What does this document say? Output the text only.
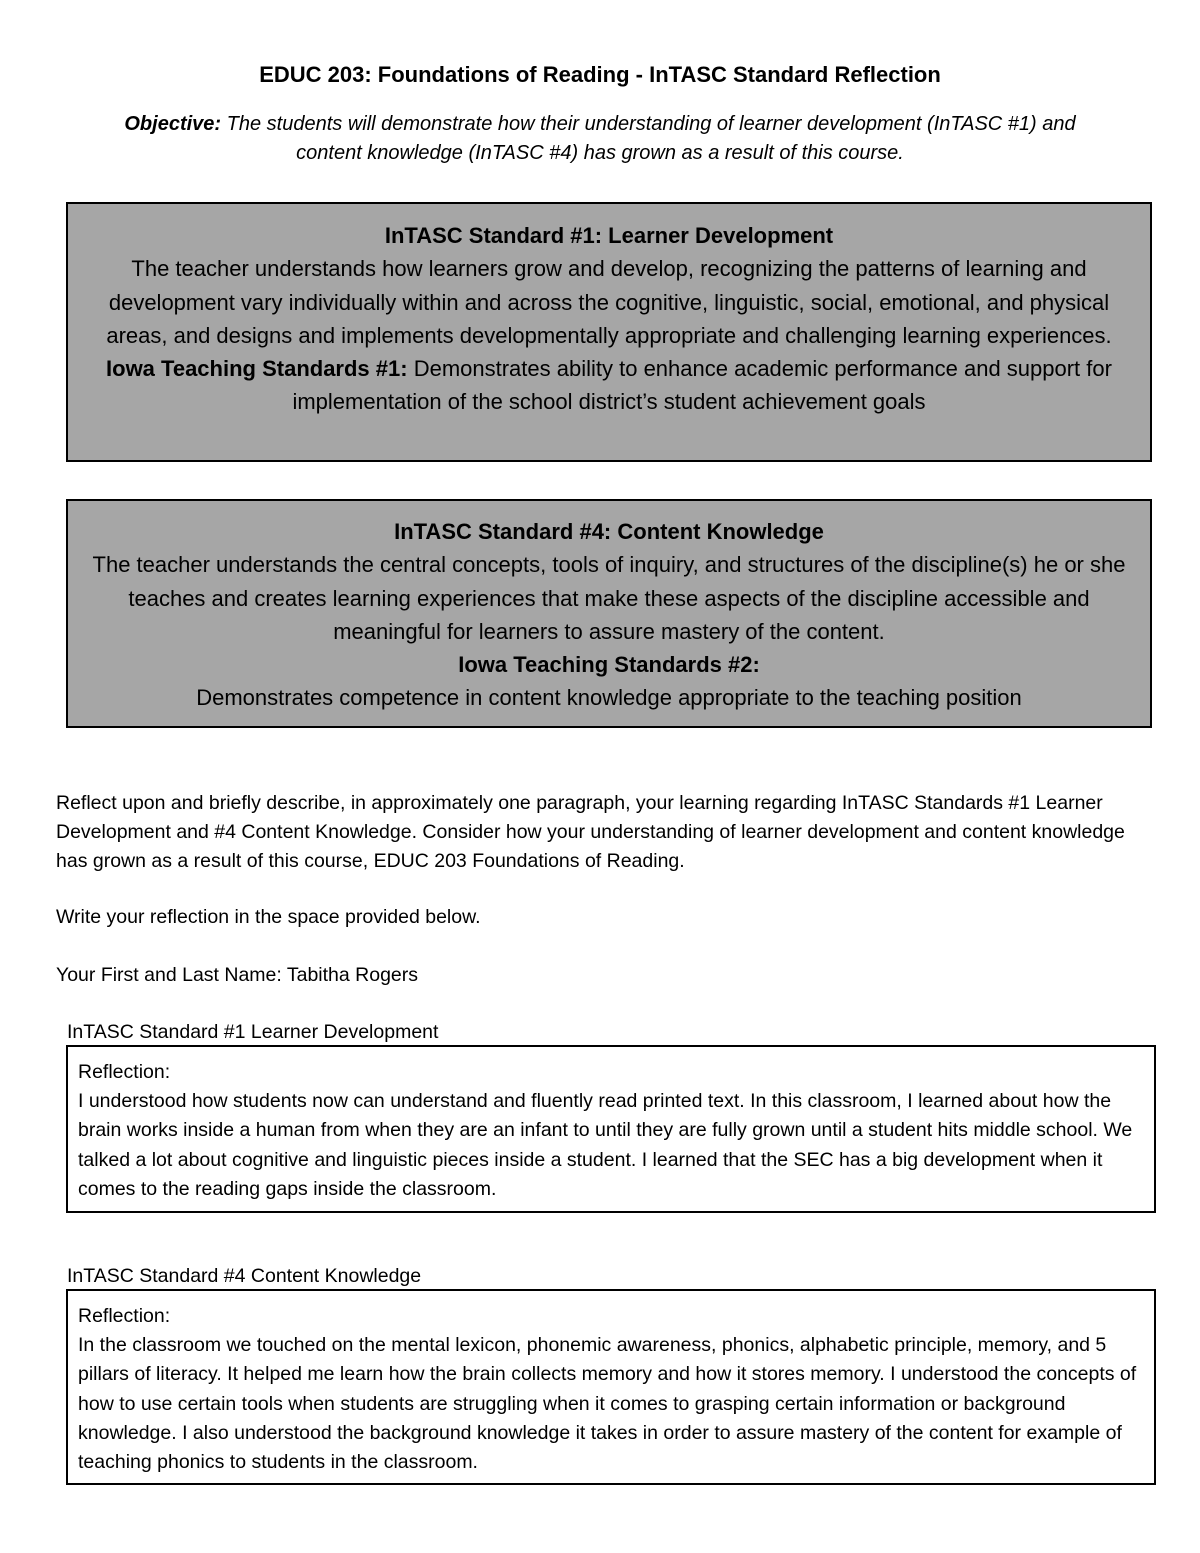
EDUC 203: Foundations of Reading - InTASC Standard Reflection
Objective: The students will demonstrate how their understanding of learner development (InTASC #1) and content knowledge (InTASC #4) has grown as a result of this course.

InTASC Standard #1: Learner Development

The teacher understands how learners grow and develop, recognizing the patterns of learning and development vary individually within and across the cognitive, linguistic, social, emotional, and physical areas, and designs and implements developmentally appropriate and challenging learning experiences.

Iowa Teaching Standards #1: Demonstrates ability to enhance academic performance and support for implementation of the school district’s student achievement goals

InTASC Standard #4: Content Knowledge

The teacher understands the central concepts, tools of inquiry, and structures of the discipline(s) he or she teaches and creates learning experiences that make these aspects of the discipline accessible and meaningful for learners to assure mastery of the content.

Iowa Teaching Standards #2:

Demonstrates competence in content knowledge appropriate to the teaching position

Reflect upon and briefly describe, in approximately one paragraph, your learning regarding InTASC Standards #1 Learner Development and #4 Content Knowledge. Consider how your understanding of learner development and content knowledge has grown as a result of this course, EDUC 203 Foundations of Reading.
Write your reflection in the space provided below.
Your First and Last Name: Tabitha Rogers
InTASC Standard #1 Learner Development

Reflection:

I understood how students now can understand and fluently read printed text. In this classroom, I learned about how the brain works inside a human from when they are an infant to until they are fully grown until a student hits middle school. We talked a lot about cognitive and linguistic pieces inside a student. I learned that the SEC has a big development when it comes to the reading gaps inside the classroom.

InTASC Standard #4 Content Knowledge

Reflection:

In the classroom we touched on the mental lexicon, phonemic awareness, phonics, alphabetic principle, memory, and 5 pillars of literacy. It helped me learn how the brain collects memory and how it stores memory. I understood the concepts of how to use certain tools when students are struggling when it comes to grasping certain information or background knowledge. I also understood the background knowledge it takes in order to assure mastery of the content for example of teaching phonics to students in the classroom.
